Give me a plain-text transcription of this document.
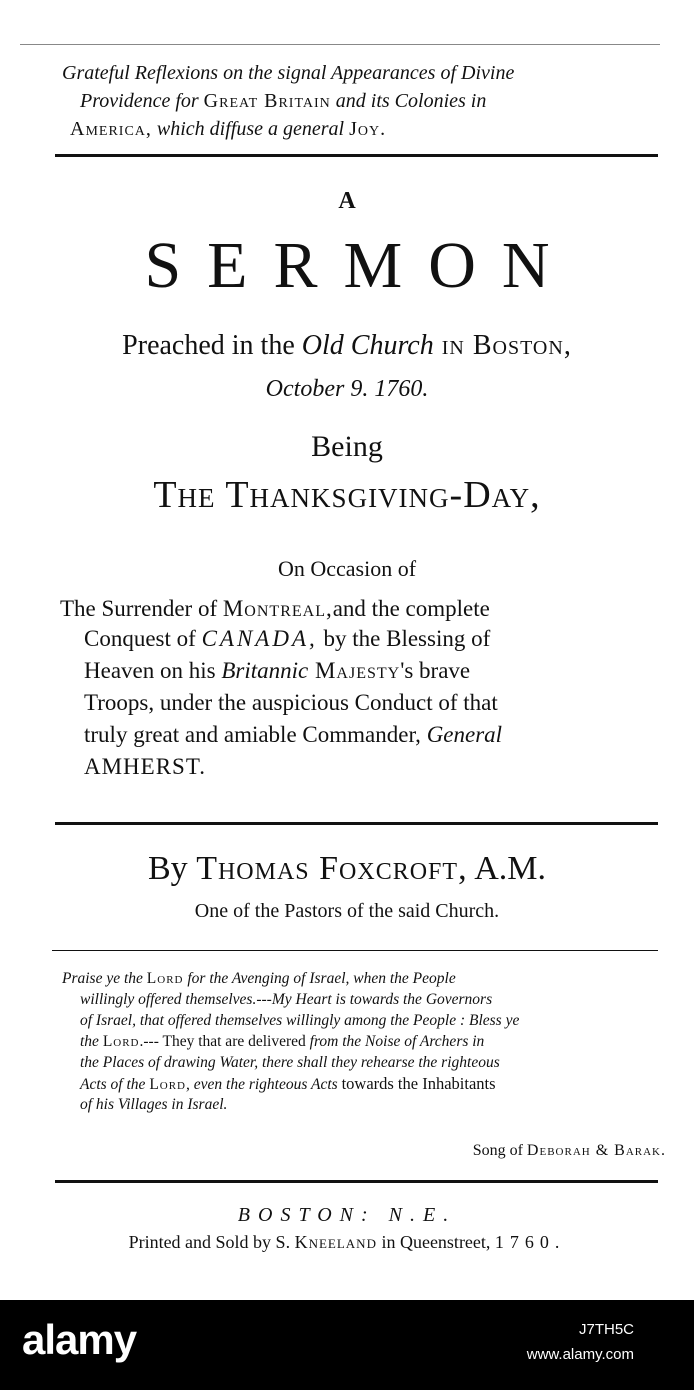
Grateful Reflexions on the signal Appearances of Divine
Providence for Great Britain and its Colonies in
America, which diffuse a general Joy.
A
SERMON
Preached in the Old Church in Boston,
October 9. 1760.
Being
The Thanksgiving-Day,
On Occasion of
The Surrender of Montreal,and the complete
Conquest of CANADA, by the Blessing of
Heaven on his Britannic Majesty's brave
Troops, under the auspicious Conduct of that
truly great and amiable Commander, General
AMHERST.
By Thomas Foxcroft, A.M.
One of the Pastors of the said Church.
Praise ye the Lord for the Avenging of Israel, when the People
willingly offered themselves.---My Heart is towards the Governors
of Israel, that offered themselves willingly among the People : Bless ye
the Lord.--- They that are delivered from the Noise of Archers in
the Places of drawing Water, there shall they rehearse the righteous
Acts of the Lord, even the righteous Acts towards the Inhabitants
of his Villages in Israel.
Song of Deborah & Barak.
BOSTON: N.E.
Printed and Sold by S. Kneeland in Queenstreet, 1760.
alamy	J7TH5C
www.alamy.com
